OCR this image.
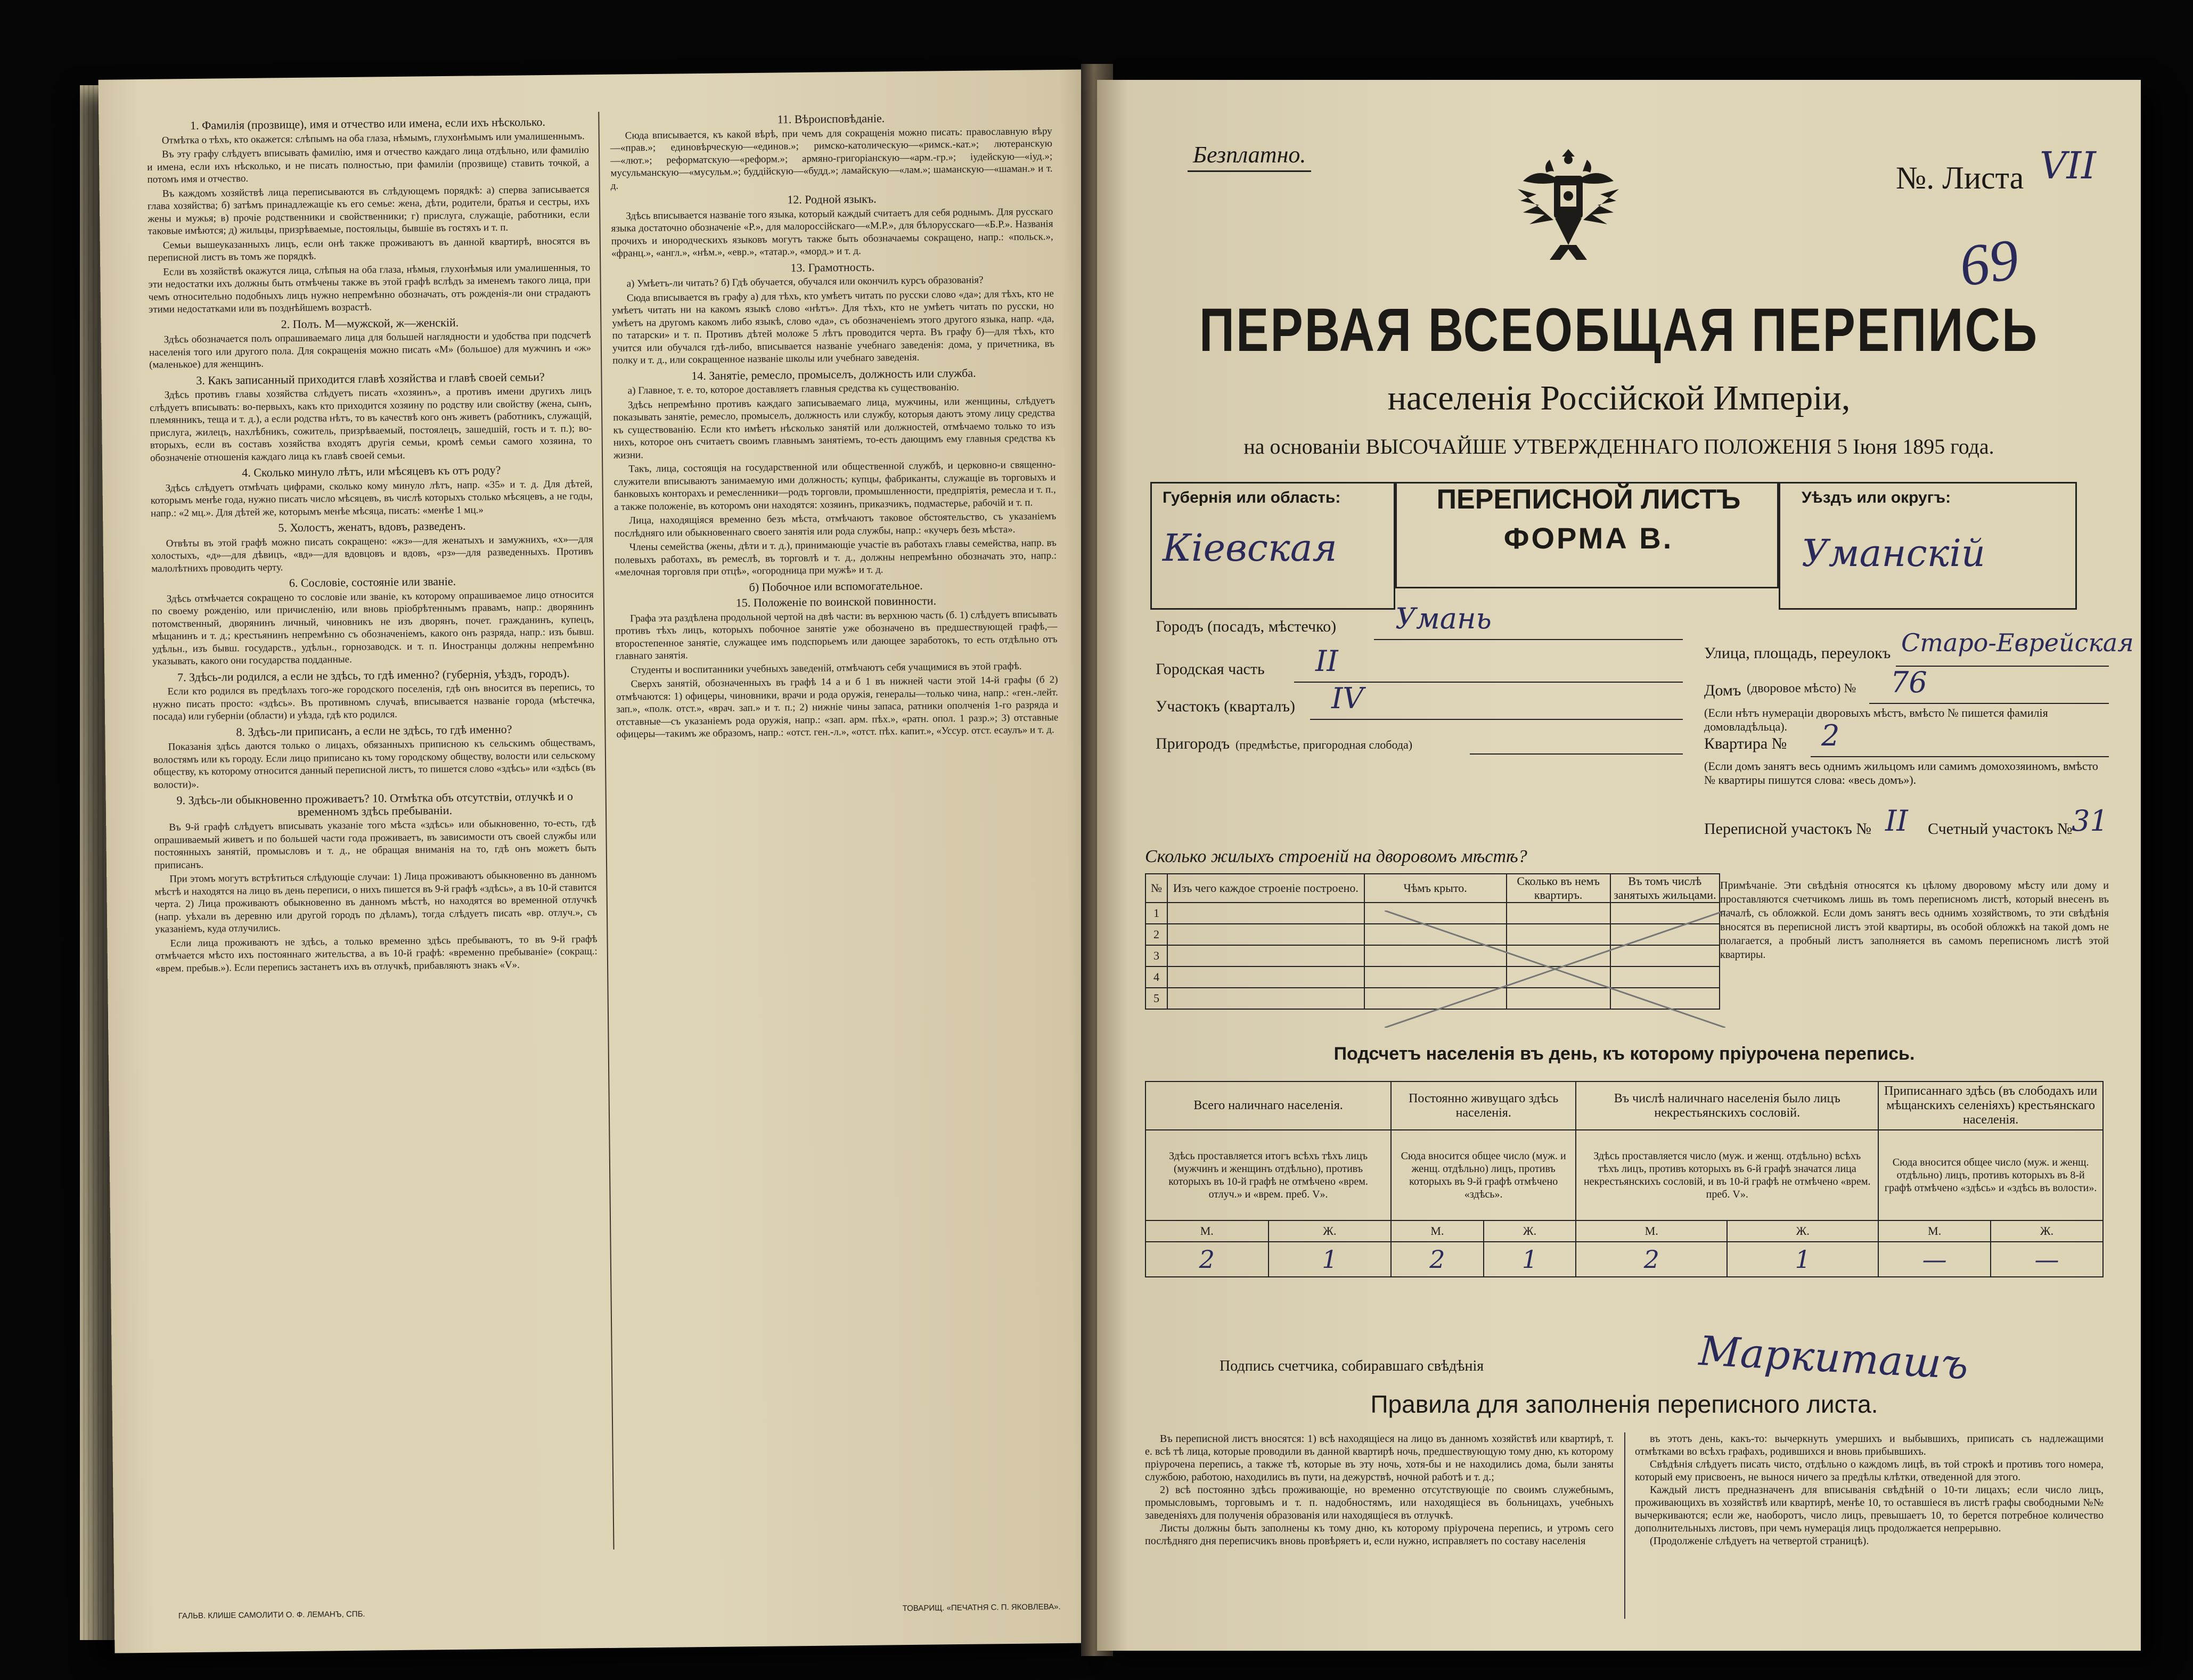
1. Фамилія (прозвище), имя и отчество или имена, если ихъ нѣсколько.

Отмѣтка о тѣхъ, кто окажется: слѣпымъ на оба глаза, нѣмымъ, глухонѣмымъ или умалишеннымъ.

Въ эту графу слѣдуетъ вписывать фамилію, имя и отчество каждаго лица отдѣльно, или фамилію и имена, если ихъ нѣсколько, и не писать полностью, при фамиліи (прозвище) ставить точкой, а потомъ имя и отчество.

Въ каждомъ хозяйствѣ лица переписываются въ слѣдующемъ порядкѣ: а) сперва записывается глава хозяйства; б) затѣмъ принадлежащіе къ его семье: жена, дѣти, родители, братья и сестры, ихъ жены и мужья; в) прочіе родственники и свойственники; г) прислуга, служащіе, работники, если таковые имѣются; д) жильцы, призрѣваемые, постояльцы, бывшіе въ гостяхъ и т. п.

Семьи вышеуказанныхъ лицъ, если онѣ также проживаютъ въ данной квартирѣ, вносятся въ переписной листъ въ томъ же порядкѣ.

Если въ хозяйствѣ окажутся лица, слѣпыя на оба глаза, нѣмыя, глухонѣмыя или умалишенныя, то эти недостатки ихъ должны быть отмѣчены также въ этой графѣ вслѣдъ за именемъ такого лица, при чемъ относительно подобныхъ лицъ нужно непремѣнно обозначать, отъ рожденія-ли они страдаютъ этими недостатками или въ позднѣйшемъ возрастѣ.

2. Полъ. М—мужской, ж—женскій.

Здѣсь обозначается полъ опрашиваемаго лица для большей наглядности и удобства при подсчетѣ населенія того или другого пола. Для сокращенія можно писать «М» (большое) для мужчинъ и «ж» (маленькое) для женщинъ.

3. Какъ записанный приходится главѣ хозяйства и главѣ своей семьи?

Здѣсь противъ главы хозяйства слѣдуетъ писать «хозяинъ», а противъ имени другихъ лицъ слѣдуетъ вписывать: во-первыхъ, какъ кто приходится хозяину по родству или свойству (жена, сынъ, племянникъ, теща и т. д.), а если родства нѣтъ, то въ качествѣ кого онъ живетъ (работникъ, служащій, прислуга, жилецъ, нахлѣбникъ, сожитель, призрѣваемый, постоялецъ, зашедшій, гость и т. п.); во-вторыхъ, если въ составъ хозяйства входятъ другія семьи, кромѣ семьи самого хозяина, то обозначеніе отношенія каждаго лица къ главѣ своей семьи.

4. Сколько минуло лѣтъ, или мѣсяцевъ къ отъ роду?

Здѣсь слѣдуетъ отмѣчать цифрами, сколько кому минуло лѣтъ, напр. «35» и т. д. Для дѣтей, которымъ менѣе года, нужно писать число мѣсяцевъ, въ числѣ которыхъ столько мѣсяцевъ, а не годы, напр.: «2 мц.». Для дѣтей же, которымъ менѣе мѣсяца, писать: «менѣе 1 мц.»

5. Холостъ, женатъ, вдовъ, разведенъ.

Отвѣты въ этой графѣ можно писать сокращено: «жз»—для женатыхъ и замужнихъ, «х»—для холостыхъ, «д»—для дѣвицъ, «вд»—для вдовцовъ и вдовъ, «рз»—для разведенныхъ. Противъ малолѣтнихъ проводить черту.

6. Сословіе, состояніе или званіе.

Здѣсь отмѣчается сокращено то сословіе или званіе, къ которому опрашиваемое лицо относится по своему рожденію, или причисленію, или вновь пріобрѣтеннымъ правамъ, напр.: дворянинъ потомственный, дворянинъ личный, чиновникъ не изъ дворянъ, почет. гражданинъ, купецъ, мѣщанинъ и т. д.; крестьянинъ непремѣнно съ обозначеніемъ, какого онъ разряда, напр.: изъ бывш. удѣльн., изъ бывш. государств., удѣльн., горнозаводск. и т. п. Иностранцы должны непремѣнно указывать, какого они государства подданные.

7. Здѣсь-ли родился, а если не здѣсь, то гдѣ именно? (губернія, уѣздъ, городъ).

Если кто родился въ предѣлахъ того-же городского поселенія, гдѣ онъ вносится въ перепись, то нужно писать просто: «здѣсь». Въ противномъ случаѣ, вписывается названіе города (мѣстечка, посада) или губерніи (области) и уѣзда, гдѣ кто родился.

8. Здѣсь-ли приписанъ, а если не здѣсь, то гдѣ именно?

Показанія здѣсь даются только о лицахъ, обязанныхъ приписною къ сельскимъ обществамъ, волостямъ или къ городу. Если лицо приписано къ тому городскому обществу, волости или сельскому обществу, къ которому относится данный переписной листъ, то пишется слово «здѣсь» или «здѣсь (въ волости)».

9. Здѣсь-ли обыкновенно проживаетъ? 10. Отмѣтка объ отсутствіи, отлучкѣ и о временномъ здѣсь пребываніи.

Въ 9-й графѣ слѣдуетъ вписывать указаніе того мѣста «здѣсь» или обыкновенно, то-есть, гдѣ опрашиваемый живетъ и по большей части года проживаетъ, въ зависимости отъ своей службы или постоянныхъ занятій, промысловъ и т. д., не обращая вниманія на то, гдѣ онъ можетъ быть приписанъ.

При этомъ могутъ встрѣтиться слѣдующіе случаи: 1) Лица проживаютъ обыкновенно въ данномъ мѣстѣ и находятся на лицо въ день переписи, о нихъ пишется въ 9-й графѣ «здѣсь», а въ 10-й ставится черта. 2) Лица проживаютъ обыкновенно въ данномъ мѣстѣ, но находятся во временной отлучкѣ (напр. уѣхали въ деревню или другой городъ по дѣламъ), тогда слѣдуетъ писать «вр. отлуч.», съ указаніемъ, куда отлучились.

Если лица проживаютъ не здѣсь, а только временно здѣсь пребываютъ, то въ 9-й графѣ отмѣчается мѣсто ихъ постояннаго жительства, а въ 10-й графѣ: «временно пребываніе» (сокращ.: «врем. пребыв.»). Если перепись застанетъ ихъ въ отлучкѣ, прибавляютъ знакъ «V».

11. Вѣроисповѣданіе.

Сюда вписывается, къ какой вѣрѣ, при чемъ для сокращенія можно писать: православную вѣру—«прав.»; единовѣрческую—«единов.»; римско-католическую—«римск.-кат.»; лютеранскую—«лют.»; реформатскую—«реформ.»; армяно-григоріанскую—«арм.-гр.»; іудейскую—«іуд.»; мусульманскую—«мусульм.»; буддійскую—«будд.»; ламайскую—«лам.»; шаманскую—«шаман.» и т. д.

12. Родной языкъ.

Здѣсь вписывается названіе того языка, который каждый считаетъ для себя роднымъ. Для русскаго языка достаточно обозначеніе «Р.», для малороссійскаго—«М.Р.», для бѣлорусскаго—«Б.Р.». Названія прочихъ и инородческихъ языковъ могутъ также быть обозначаемы сокращено, напр.: «польск.», «франц.», «англ.», «нѣм.», «евр.», «татар.», «морд.» и т. д.

13. Грамотность.

а) Умѣетъ-ли читать? б) Гдѣ обучается, обучался или окончилъ курсъ образованія?

Сюда вписывается въ графу а) для тѣхъ, кто умѣетъ читать по русски слово «да»; для тѣхъ, кто не умѣетъ читать ни на какомъ языкѣ слово «нѣтъ». Для тѣхъ, кто не умѣетъ читать по русски, но умѣетъ на другомъ какомъ либо языкѣ, слово «да», съ обозначеніемъ этого другого языка, напр. «да, по татарски» и т. п. Противъ дѣтей моложе 5 лѣтъ проводится черта. Въ графу б)—для тѣхъ, кто учится или обучался гдѣ-либо, вписывается названіе учебнаго заведенія: дома, у причетника, въ полку и т. д., или сокращенное названіе школы или учебнаго заведенія.

14. Занятіе, ремесло, промыселъ, должность или служба.

а) Главное, т. е. то, которое доставляетъ главныя средства къ существованію.

Здѣсь непремѣнно противъ каждаго записываемаго лица, мужчины, или женщины, слѣдуетъ показывать занятіе, ремесло, промыселъ, должность или службу, которыя даютъ этому лицу средства къ существованію. Если кто имѣетъ нѣсколько занятій или должностей, отмѣчаемо только то изъ нихъ, которое онъ считаетъ своимъ главнымъ занятіемъ, то-есть дающимъ ему главныя средства къ жизни.

Такъ, лица, состоящія на государственной или общественной службѣ, и церковно-и священно-служители вписываютъ занимаемую ими должность; купцы, фабриканты, служащіе въ торговыхъ и банковыхъ конторахъ и ремесленники—родъ торговли, промышленности, предпріятія, ремесла и т. п., а также положеніе, въ которомъ они находятся: хозяинъ, приказчикъ, подмастерье, рабочій и т. п.

Лица, находящіяся временно безъ мѣста, отмѣчаютъ таковое обстоятельство, съ указаніемъ послѣдняго или обыкновеннаго своего занятія или рода службы, напр.: «кучеръ безъ мѣста».

Члены семейства (жены, дѣти и т. д.), принимающіе участіе въ работахъ главы семейства, напр. въ полевыхъ работахъ, въ ремеслѣ, въ торговлѣ и т. д., должны непремѣнно обозначать это, напр.: «мелочная торговля при отцѣ», «огородница при мужѣ» и т. д.

б) Побочное или вспомогательное.
15. Положеніе по воинской повинности.

Графа эта раздѣлена продольной чертой на двѣ части: въ верхнюю часть (б. 1) слѣдуетъ вписывать противъ тѣхъ лицъ, которыхъ побочное занятіе уже обозначено въ предшествующей графѣ,—второстепенное занятіе, служащее имъ подспорьемъ или дающее заработокъ, то есть отдѣльно отъ главнаго занятія.

Студенты и воспитанники учебныхъ заведеній, отмѣчаютъ себя учащимися въ этой графѣ.

Сверхъ занятій, обозначенныхъ въ графѣ 14 а и б 1 въ нижней части этой 14-й графы (б 2) отмѣчаются: 1) офицеры, чиновники, врачи и рода оружія, генералы—только чина, напр.: «ген.-лейт. зап.», «полк. отст.», «врач. зап.» и т. п.; 2) нижніе чины запаса, ратники ополченія 1-го разряда и отставные—съ указаніемъ рода оружія, напр.: «зап. арм. пѣх.», «ратн. опол. 1 разр.»; 3) отставные офицеры—такимъ же образомъ, напр.: «отст. ген.-л.», «отст. пѣх. капит.», «Уссур. отст. есаулъ» и т. д.

ГАЛЬВ. КЛИШЕ САМОЛИТИ О. Ф. ЛЕМАНЪ, СПБ.
ТОВАРИЩ. «ПЕЧАТНЯ С. П. ЯКОВЛЕВА».
Безплатно.
№. Листа VII
69
ПЕРВАЯ ВСЕОБЩАЯ ПЕРЕПИСЬ
населенія Россійской Имперіи,
на основаніи ВЫСОЧАЙШЕ УТВЕРЖДЕННАГО ПОЛОЖЕНІЯ 5 Іюня 1895 года.
Губернія или область:
Кіевская
ПЕРЕПИСНОЙ ЛИСТЪ
ФОРМА В.
Уѣздъ или округъ:
Уманскій
Городъ (посадъ, мѣстечко) Умань
Городская часть II
Участокъ (кварталъ) IV
Пригородъ (предмѣстье, пригородная слобода)
Улица, площадь, переулокъ Старо-Еврейская
Домъ (дворовое мѣсто) № 76
(Если нѣтъ нумераціи дворовыхъ мѣстъ, вмѣсто № пишется фамилія домовладѣльца).
Квартира № 2
(Если домъ занятъ весь однимъ жильцомъ или самимъ домохозяиномъ, вмѣсто № квартиры пишутся слова: «весь домъ»).
Переписной участокъ № II Счетный участокъ №
31
Сколько жилыхъ строеній на дворовомъ мѣстѣ?
№	Изъ чего каждое строеніе построено.	Чѣмъ крыто.	Сколько въ немъ квартиръ.	Въ томъ числѣ занятыхъ жильцами.
1				
2				
3				
4				
5				
Примѣчаніе. Эти свѣдѣнія относятся къ цѣлому дворовому мѣсту или дому и проставляются счетчикомъ лишь въ томъ переписномъ листѣ, который внесенъ въ началѣ, съ обложкой. Если домъ занятъ весь однимъ хозяйствомъ, то эти свѣдѣнія вносятся въ переписной листъ этой квартиры, въ особой обложкѣ на такой домъ не полагается, а пробный листъ заполняется въ самомъ переписномъ листѣ этой квартиры.
Подсчетъ населенія въ день, къ которому пріурочена перепись.
Всего наличнаго населенія.		Постоянно живущаго здѣсь населенія.		Въ числѣ наличнаго населенія было лицъ некрестьянскихъ сословій.		Приписаннаго здѣсь (въ слободахъ или мѣщанскихъ селеніяхъ) крестьянскаго населенія.	
Здѣсь проставляется итогъ всѣхъ тѣхъ лицъ (мужчинъ и женщинъ отдѣльно), противъ которыхъ въ 10-й графѣ не отмѣчено «врем. отлуч.» и «врем. преб. V».		Сюда вносится общее число (муж. и женщ. отдѣльно) лицъ, противъ которыхъ въ 9-й графѣ отмѣчено «здѣсь».		Здѣсь проставляется число (муж. и женщ. отдѣльно) всѣхъ тѣхъ лицъ, противъ которыхъ въ 6-й графѣ значатся лица некрестьянскихъ сословій, и въ 10-й графѣ не отмѣчено «врем. преб. V».		Сюда вносится общее число (муж. и женщ. отдѣльно) лицъ, противъ которыхъ въ 8-й графѣ отмѣчено «здѣсь» и «здѣсь въ волости».	
М.	Ж.	М.	Ж.	М.	Ж.	М.	Ж.
2	1	2	1	2	1	—	—
Подпись счетчика, собиравшаго свѣдѣнія	Маркиташъ
Правила для заполненія переписного листа.

Въ переписной листъ вносятся: 1) всѣ находящіеся на лицо въ данномъ хозяйствѣ или квартирѣ, т. е. всѣ тѣ лица, которые проводили въ данной квартирѣ ночь, предшествующую тому дню, къ которому пріурочена перепись, а также тѣ, которые въ эту ночь, хотя-бы и не находились дома, были заняты службою, работою, находились въ пути, на дежурствѣ, ночной работѣ и т. д.;

2) всѣ постоянно здѣсь проживающіе, но временно отсутствующіе по своимъ служебнымъ, промысловымъ, торговымъ и т. п. надобностямъ, или находящіеся въ больницахъ, учебныхъ заведеніяхъ для полученія образованія или находящіеся въ отлучкѣ.

Листы должны быть заполнены къ тому дню, къ которому пріурочена перепись, и утромъ сего послѣдняго дня переписчикъ вновь провѣряетъ и, если нужно, исправляетъ по составу населенія

въ этотъ день, какъ-то: вычеркнуть умершихъ и выбывшихъ, приписать съ надлежащими отмѣтками во всѣхъ графахъ, родившихся и вновь прибывшихъ.

Свѣдѣнія слѣдуетъ писать чисто, отдѣльно о каждомъ лицѣ, въ той строкѣ и противъ того номера, который ему присвоенъ, не вынося ничего за предѣлы клѣтки, отведенной для этого.

Каждый листъ предназначенъ для вписыванія свѣдѣній о 10-ти лицахъ; если число лицъ, проживающихъ въ хозяйствѣ или квартирѣ, менѣе 10, то оставшіеся въ листѣ графы свободными №№ вычеркиваются; если же, наоборотъ, число лицъ, превышаетъ 10, то берется потребное количество дополнительныхъ листовъ, при чемъ нумерація лицъ продолжается непрерывно.

(Продолженіе слѣдуетъ на четвертой страницѣ).
